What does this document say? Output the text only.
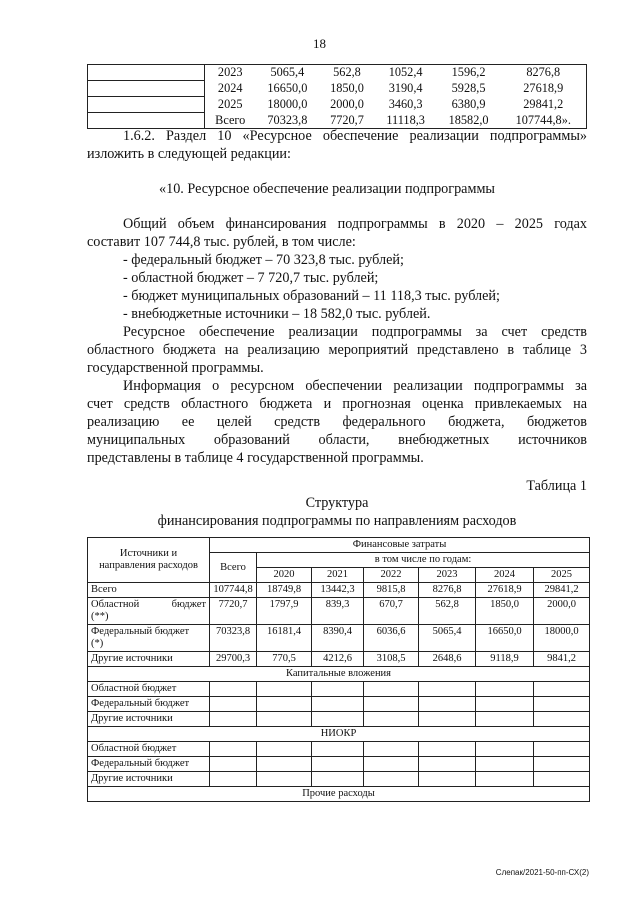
18
	2023	5065,4	562,8	1052,4	1596,2	8276,8
	2024	16650,0	1850,0	3190,4	5928,5	27618,9
	2025	18000,0	2000,0	3460,3	6380,9	29841,2
	Всего	70323,8	7720,7	11118,3	18582,0	107744,8».
1.6.2. Раздел 10 «Ресурсное обеспечение реализации подпрограммы»
изложить в следующей редакции:
«10. Ресурсное обеспечение реализации подпрограммы
Общий объем финансирования подпрограммы в 2020 – 2025 годах
составит 107 744,8 тыс. рублей, в том числе:
- федеральный бюджет – 70 323,8 тыс. рублей;
- областной бюджет – 7 720,7 тыс. рублей;
- бюджет муниципальных образований – 11 118,3 тыс. рублей;
- внебюджетные источники – 18 582,0 тыс. рублей.
Ресурсное обеспечение реализации подпрограммы за счет средств
областного бюджета на реализацию мероприятий представлено в таблице 3
государственной программы.
Информация о ресурсном обеспечении реализации подпрограммы за
счет средств областного бюджета и прогнозная оценка привлекаемых на
реализацию ее целей средств федерального бюджета, бюджетов
муниципальных образований области, внебюджетных источников
представлены в таблице 4 государственной программы.
Таблица 1
Структура
финансирования подпрограммы по направлениям расходов
Источники и направления расходов	Финансовые затраты						
	Всего	в том числе по годам:					
		2020	2021	2022	2023	2024	2025

Всего	107744,8	18749,8	13442,3	9815,8	8276,8	27618,9	29841,2

Областной бюджет
(**)	7720,7	1797,9	839,3	670,7	562,8	1850,0	2000,0

Федеральный бюджет
(*)	70323,8	16181,4	8390,4	6036,6	5065,4	16650,0	18000,0

Другие источники	29700,3	770,5	4212,6	3108,5	2648,6	9118,9	9841,2
Капитальные вложения							
Областной бюджет							
Федеральный бюджет							
Другие источники							
НИОКР							
Областной бюджет							
Федеральный бюджет							
Другие источники							
Прочие расходы							
Слепак/2021-50-пп-СХ(2)
